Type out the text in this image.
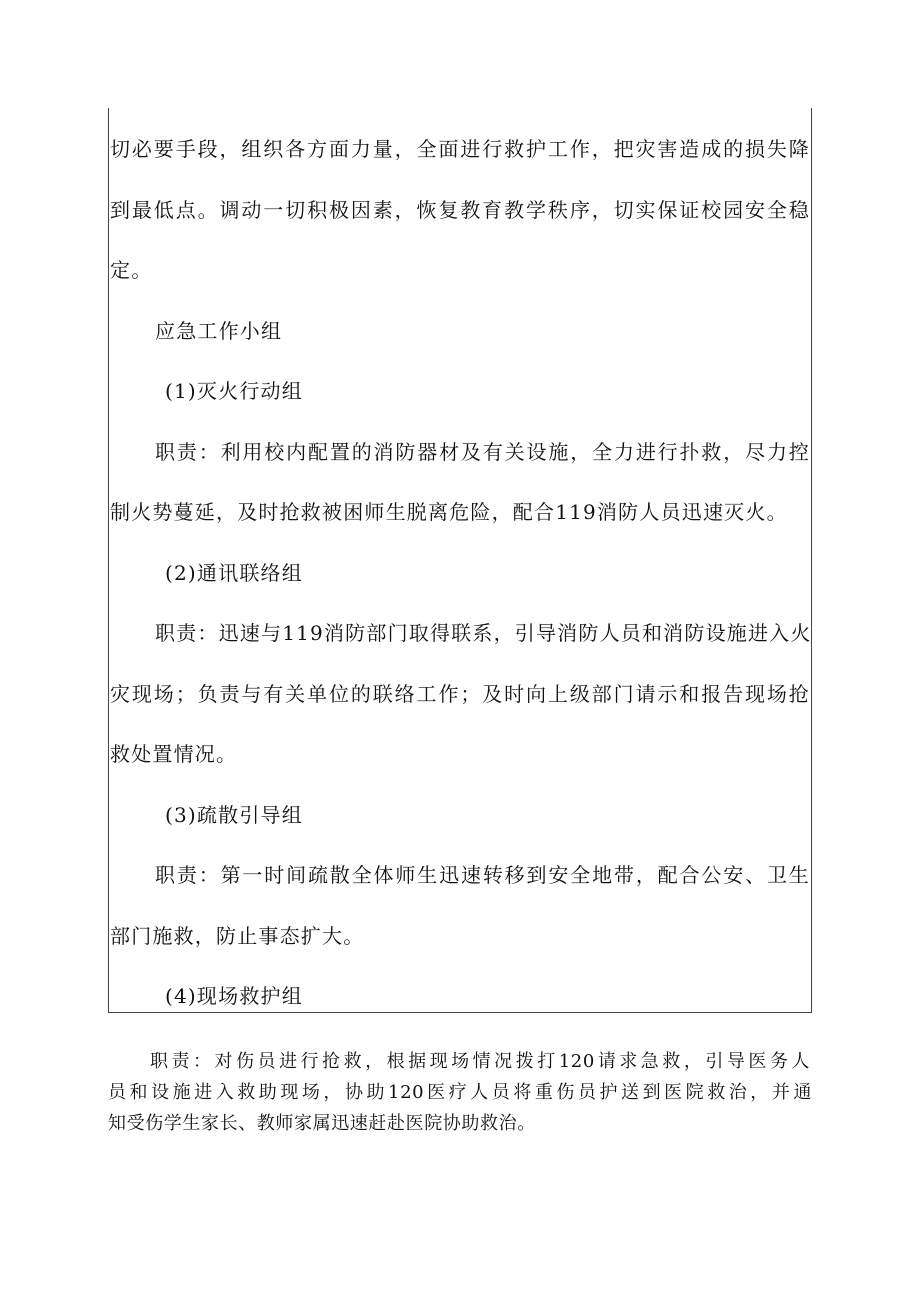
切必要手段，组织各方面力量，全面进行救护工作，把灾害造成的损失降
到最低点。调动一切积极因素，恢复教育教学秩序，切实保证校园安全稳
定。
应急工作小组
(1)灭火行动组
职责：利用校内配置的消防器材及有关设施，全力进行扑救，尽力控
制火势蔓延，及时抢救被困师生脱离危险，配合119消防人员迅速灭火。
(2)通讯联络组
职责：迅速与119消防部门取得联系，引导消防人员和消防设施进入火
灾现场；负责与有关单位的联络工作；及时向上级部门请示和报告现场抢
救处置情况。
(3)疏散引导组
职责：第一时间疏散全体师生迅速转移到安全地带，配合公安、卫生
部门施救，防止事态扩大。
(4)现场救护组
职责：对伤员进行抢救，根据现场情况拨打120请求急救，引导医务人
员和设施进入救助现场，协助120医疗人员将重伤员护送到医院救治，并通
知受伤学生家长、教师家属迅速赶赴医院协助救治。
